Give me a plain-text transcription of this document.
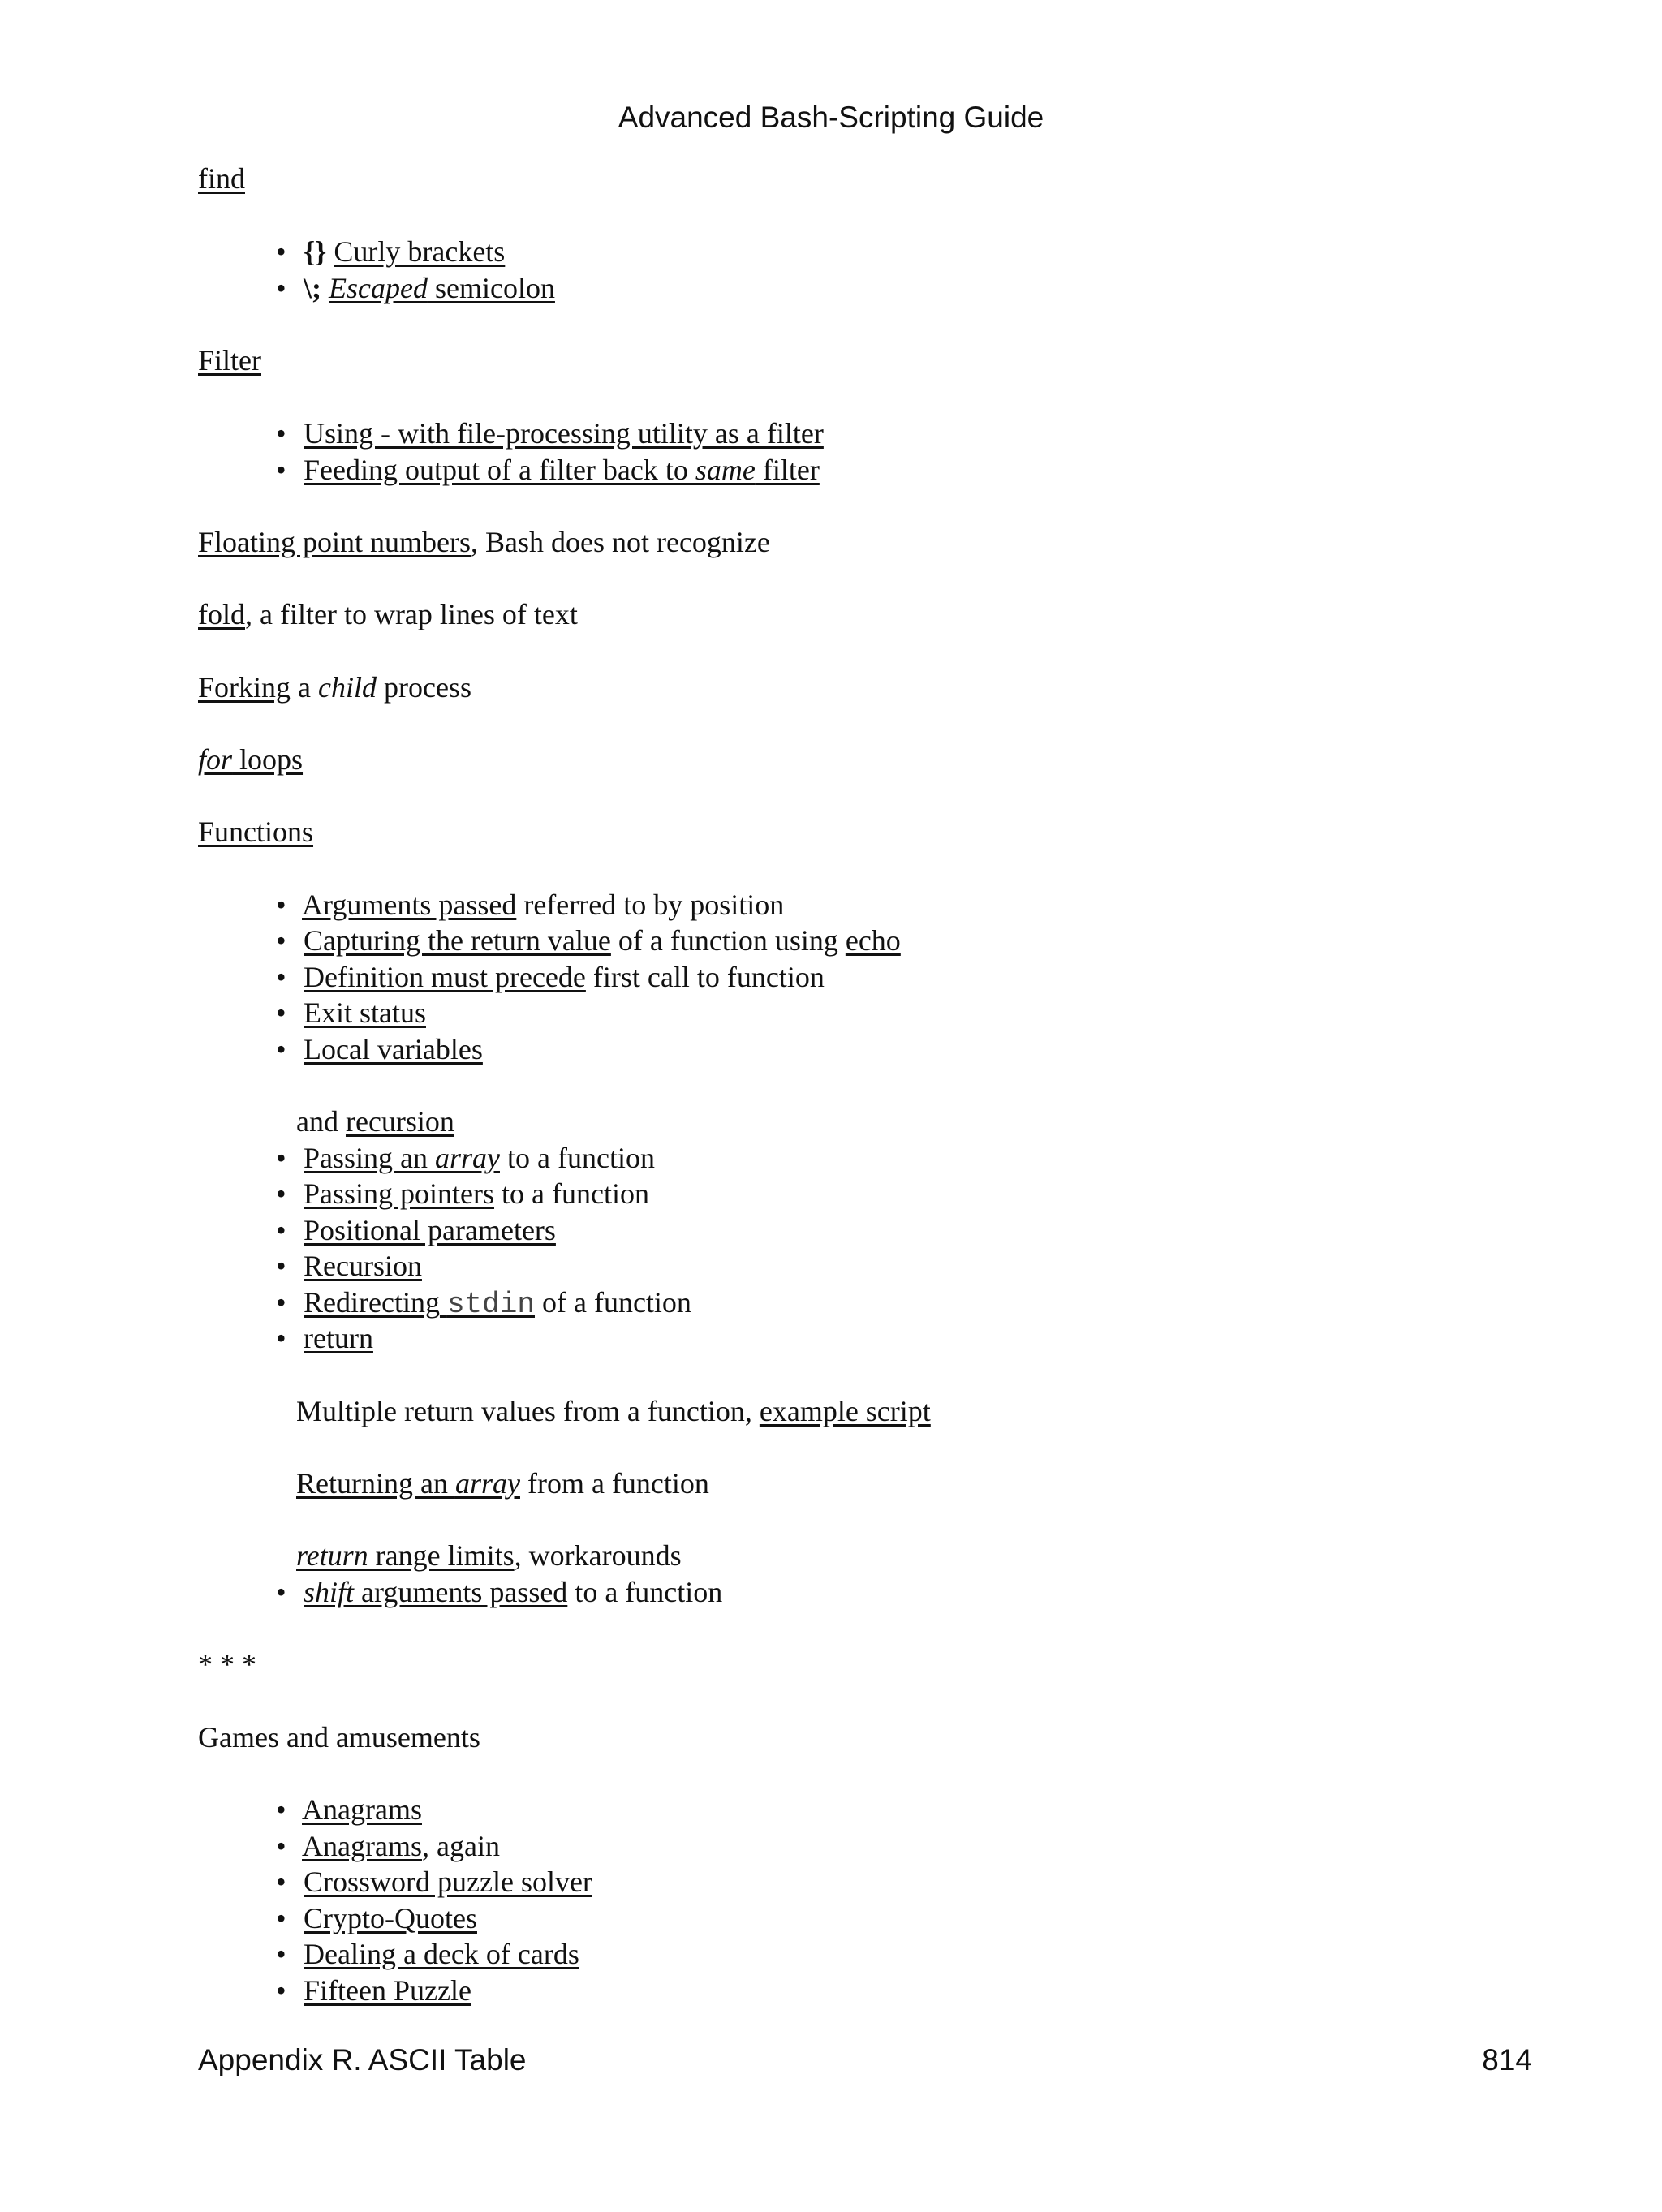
Advanced Bash-Scripting Guide
find
• {} Curly brackets
• \; Escaped semicolon
Filter
• Using - with file-processing utility as a filter
• Feeding output of a filter back to same filter
Floating point numbers, Bash does not recognize
fold, a filter to wrap lines of text
Forking a child process
for loops
Functions
• Arguments passed referred to by position
• Capturing the return value of a function using echo
• Definition must precede first call to function
• Exit status
• Local variables
and recursion
• Passing an array to a function
• Passing pointers to a function
• Positional parameters
• Recursion
• Redirecting stdin of a function
• return
Multiple return values from a function, example script
Returning an array from a function
return range limits, workarounds
• shift arguments passed to a function
* * *
Games and amusements
• Anagrams
• Anagrams, again
• Crossword puzzle solver
• Crypto-Quotes
• Dealing a deck of cards
• Fifteen Puzzle
Appendix R. ASCII Table	814
